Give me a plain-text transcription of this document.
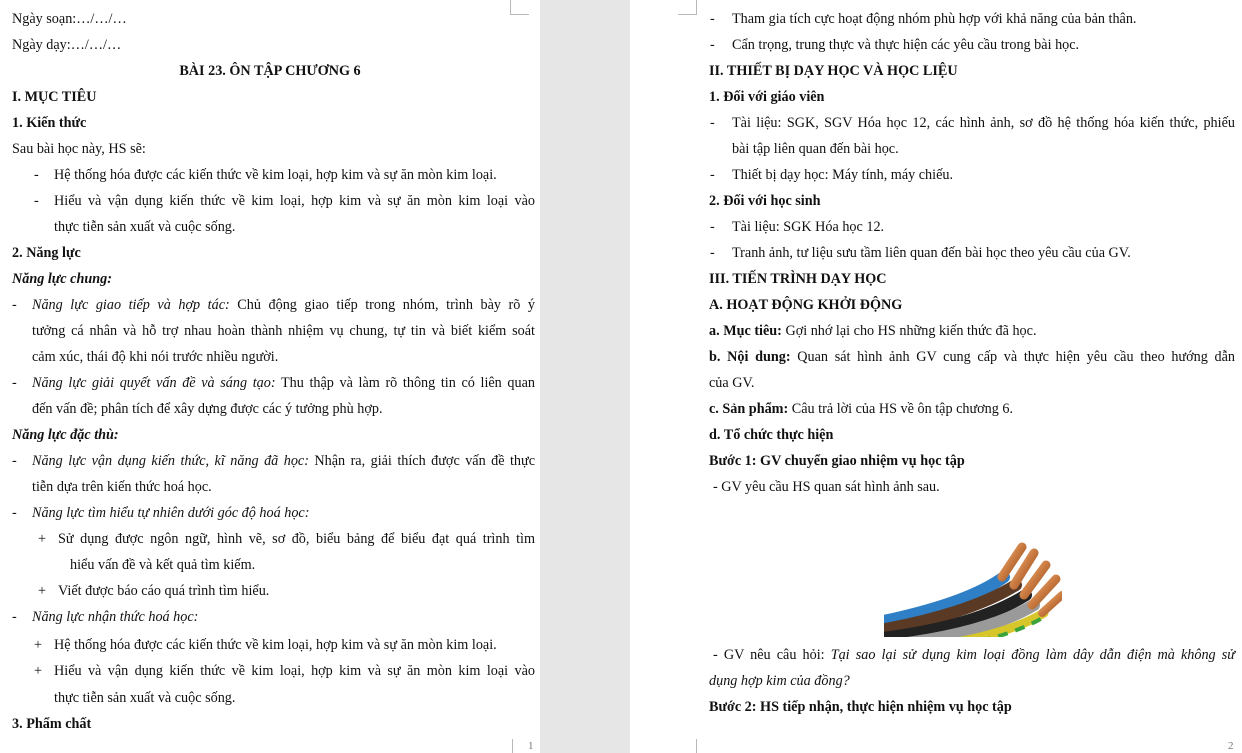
Ngày soạn:…/…/…
Ngày dạy:…/…/…
BÀI 23. ÔN TẬP CHƯƠNG 6
I. MỤC TIÊU
1. Kiến thức
Sau bài học này, HS sẽ:
- Hệ thống hóa được các kiến thức về kim loại, hợp kim và sự ăn mòn kim loại.
- Hiểu và vận dụng kiến thức về kim loại, hợp kim và sự ăn mòn kim loại vào
thực tiễn sản xuất và cuộc sống.
2. Năng lực
Năng lực chung:
- Năng lực giao tiếp và hợp tác: Chủ động giao tiếp trong nhóm, trình bày rõ ý
tưởng cá nhân và hỗ trợ nhau hoàn thành nhiệm vụ chung, tự tin và biết kiểm soát
cảm xúc, thái độ khi nói trước nhiều người.
- Năng lực giải quyết vấn đề và sáng tạo: Thu thập và làm rõ thông tin có liên quan
đến vấn đề; phân tích để xây dựng được các ý tưởng phù hợp.
Năng lực đặc thù:
- Năng lực vận dụng kiến thức, kĩ năng đã học: Nhận ra, giải thích được vấn đề thực
tiễn dựa trên kiến thức hoá học.
- Năng lực tìm hiểu tự nhiên dưới góc độ hoá học:
+ Sử dụng được ngôn ngữ, hình vẽ, sơ đồ, biểu bảng để biểu đạt quá trình tìm
hiểu vấn đề và kết quả tìm kiếm.
+ Viết được báo cáo quá trình tìm hiểu.
- Năng lực nhận thức hoá học:
+ Hệ thống hóa được các kiến thức về kim loại, hợp kim và sự ăn mòn kim loại.
+ Hiểu và vận dụng kiến thức về kim loại, hợp kim và sự ăn mòn kim loại vào
thực tiễn sản xuất và cuộc sống.
3. Phẩm chất
1
- Tham gia tích cực hoạt động nhóm phù hợp với khả năng của bản thân.
- Cẩn trọng, trung thực và thực hiện các yêu cầu trong bài học.
II. THIẾT BỊ DẠY HỌC VÀ HỌC LIỆU
1. Đối với giáo viên
- Tài liệu: SGK, SGV Hóa học 12, các hình ảnh, sơ đồ hệ thống hóa kiến thức, phiếu
bài tập liên quan đến bài học.
- Thiết bị dạy học: Máy tính, máy chiếu.
2. Đối với học sinh
- Tài liệu: SGK Hóa học 12.
- Tranh ảnh, tư liệu sưu tầm liên quan đến bài học theo yêu cầu của GV.
III. TIẾN TRÌNH DẠY HỌC
A. HOẠT ĐỘNG KHỞI ĐỘNG
a. Mục tiêu: Gợi nhớ lại cho HS những kiến thức đã học.
b. Nội dung: Quan sát hình ảnh GV cung cấp và thực hiện yêu cầu theo hướng dẫn
của GV.
c. Sản phẩm: Câu trả lời của HS về ôn tập chương 6.
d. Tổ chức thực hiện
Bước 1: GV chuyển giao nhiệm vụ học tập
- GV yêu cầu HS quan sát hình ảnh sau.
- GV nêu câu hỏi: Tại sao lại sử dụng kim loại đồng làm dây dẫn điện mà không sử
dụng hợp kim của đồng?
Bước 2: HS tiếp nhận, thực hiện nhiệm vụ học tập
2
